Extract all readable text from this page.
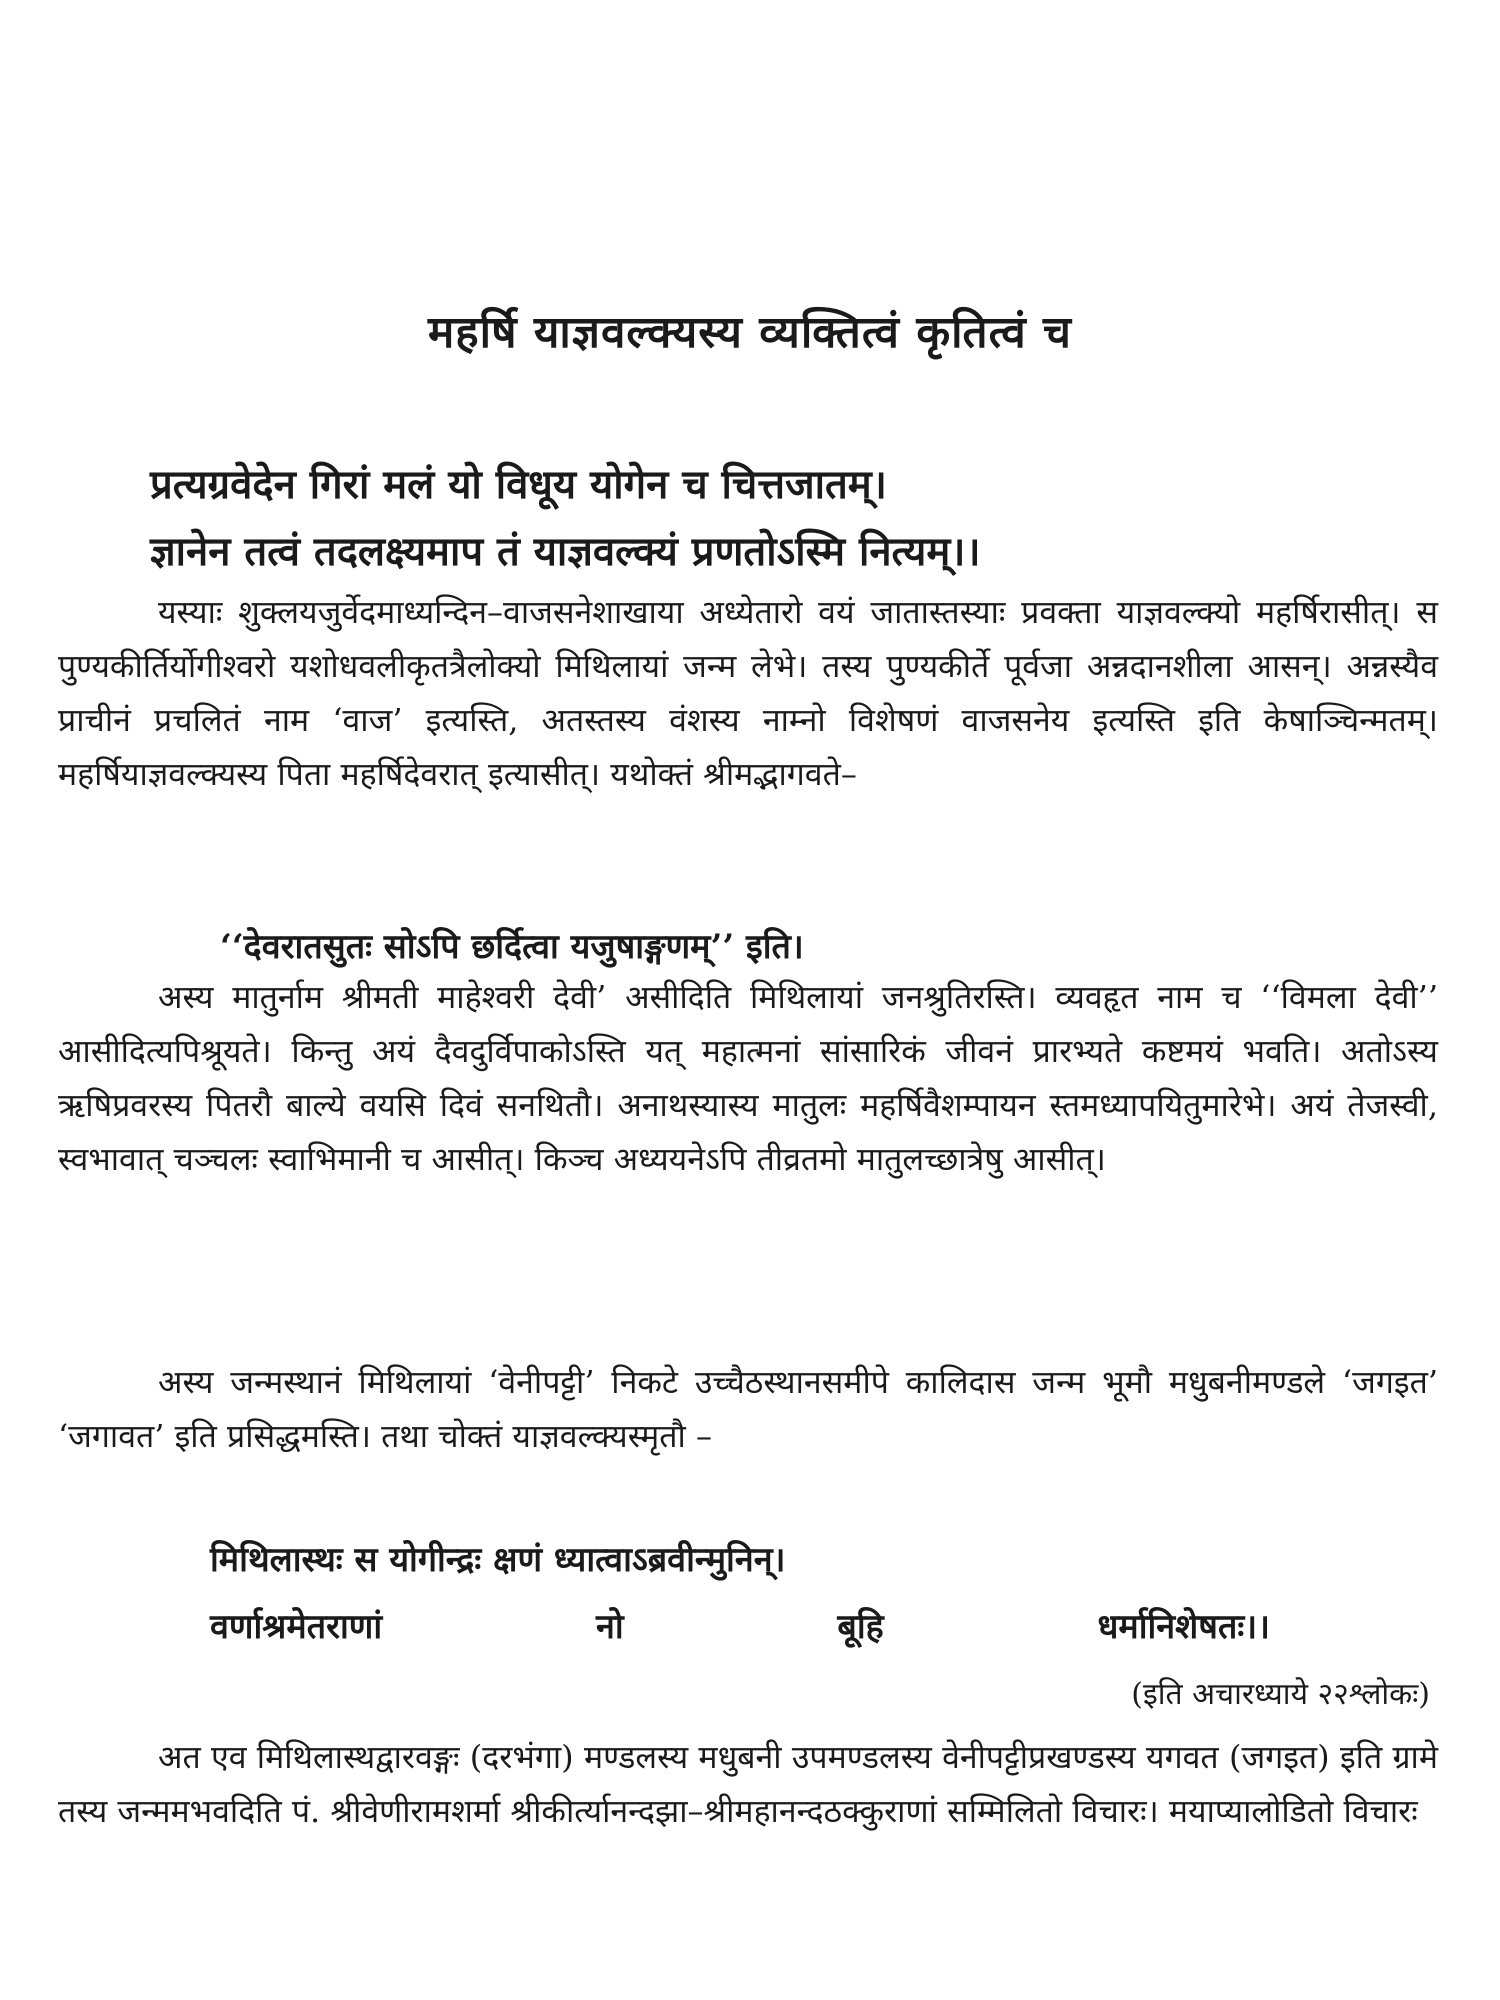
महर्षि याज्ञवल्क्यस्य व्यक्तित्वं कृतित्वं च
प्रत्यग्रवेदेन गिरां मलं यो विधूय योगेन च चित्तजातम्।
ज्ञानेन तत्वं तदलक्ष्यमाप तं याज्ञवल्क्यं प्रणतोऽस्मि नित्यम्।।
यस्याः शुक्लयजुर्वेदमाध्यन्दिन–वाजसनेशाखाया अध्येतारो वयं जातास्तस्याः प्रवक्ता याज्ञवल्क्यो महर्षिरासीत्। स पुण्यकीर्तिर्योगीश्वरो यशोधवलीकृतत्रैलोक्यो मिथिलायां जन्म लेभे। तस्य पुण्यकीर्ते पूर्वजा अन्नदानशीला आसन्। अन्नस्यैव प्राचीनं प्रचलितं नाम ‘वाज’ इत्यस्ति, अतस्तस्य वंशस्य नाम्नो विशेषणं वाजसनेय इत्यस्ति इति केषाञ्चिन्मतम्। महर्षियाज्ञवल्क्यस्य पिता महर्षिदेवरात् इत्यासीत्। यथोक्तं श्रीमद्भागवते–
‘‘देवरातसुतः सोऽपि छर्दित्वा यजुषाङ्गणम्’’ इति।
अस्य मातुर्नाम श्रीमती माहेश्वरी देवी’ असीदिति मिथिलायां जनश्रुतिरस्ति। व्यवहृत नाम च ‘‘विमला देवी’’ आसीदित्यपिश्रूयते। किन्तु अयं दैवदुर्विपाकोऽस्ति यत् महात्मनां सांसारिकं जीवनं प्रारभ्यते कष्टमयं भवति। अतोऽस्य ऋषिप्रवरस्य पितरौ बाल्ये वयसि दिवं सनथितौ। अनाथस्यास्य मातुलः महर्षिवैशम्पायन स्तमध्यापयितुमारेभे। अयं तेजस्वी, स्वभावात् चञ्चलः स्वाभिमानी च आसीत्। किञ्च अध्ययनेऽपि तीव्रतमो मातुलच्छात्रेषु आसीत्।
अस्य जन्मस्थानं मिथिलायां ‘वेनीपट्टी’ निकटे उच्चैठस्थानसमीपे कालिदास जन्म भूमौ मधुबनीमण्डले ‘जगइत’ ‘जगावत’ इति प्रसिद्धमस्ति। तथा चोक्तं याज्ञवल्क्यस्मृतौ –
मिथिलास्थः स योगीन्द्रः क्षणं ध्यात्वाऽब्रवीन्मुनिन्।
वर्णाश्रमेतराणां	नो	बूहि	धर्मानिशेषतः।।
(इति अचारध्याये २२श्लोकः)
अत एव मिथिलास्थद्वारवङ्गः (दरभंगा) मण्डलस्य मधुबनी उपमण्डलस्य वेनीपट्टीप्रखण्डस्य यगवत (जगइत) इति ग्रामे तस्य जन्ममभवदिति पं. श्रीवेणीरामशर्मा श्रीकीर्त्यानन्दझा–श्रीमहानन्दठक्कुराणां सम्मिलितो विचारः। मयाप्यालोडितो विचारः
